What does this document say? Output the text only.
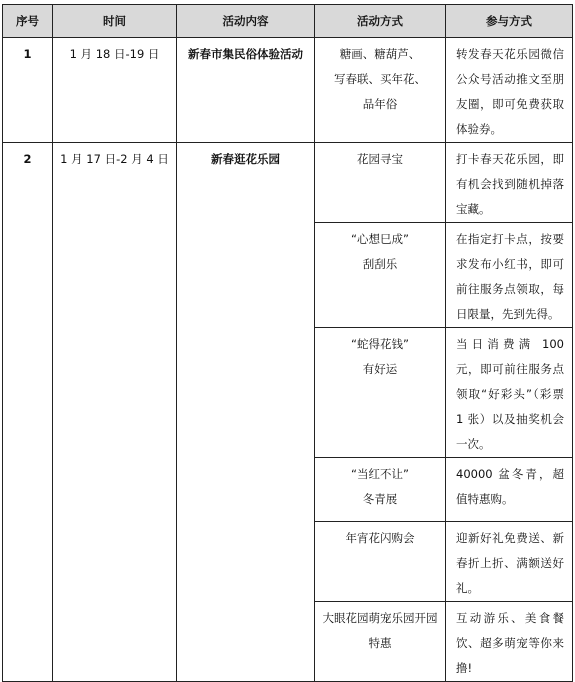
序号	时间	活动内容	活动方式	参与方式
1	1 月 18 日-19 日	新春市集民俗体验活动	糖画、糖葫芦、
写春联、买年花、
品年俗	转发春天花乐园微信公众号活动推文至朋友圈，即可免费获取体验券。
2	1 月 17 日-2 月 4 日	新春逛花乐园	花园寻宝	打卡春天花乐园，即有机会找到随机掉落宝藏。

			“心想巳成”
刮刮乐	在指定打卡点，按要求发布小红书，即可前往服务点领取，每日限量，先到先得。

			“蛇得花钱”
有好运	当日消费满 100 元，即可前往服务点领取“好彩头”（彩票 1 张）以及抽奖机会一次。

			“当红不让”
冬青展	40000 盆冬青，超值特惠购。

			年宵花闪购会	迎新好礼免费送、新春折上折、满额送好礼。

			大眼花园萌宠乐园开园特惠	互动游乐、美食餐饮、超多萌宠等你来撸!
